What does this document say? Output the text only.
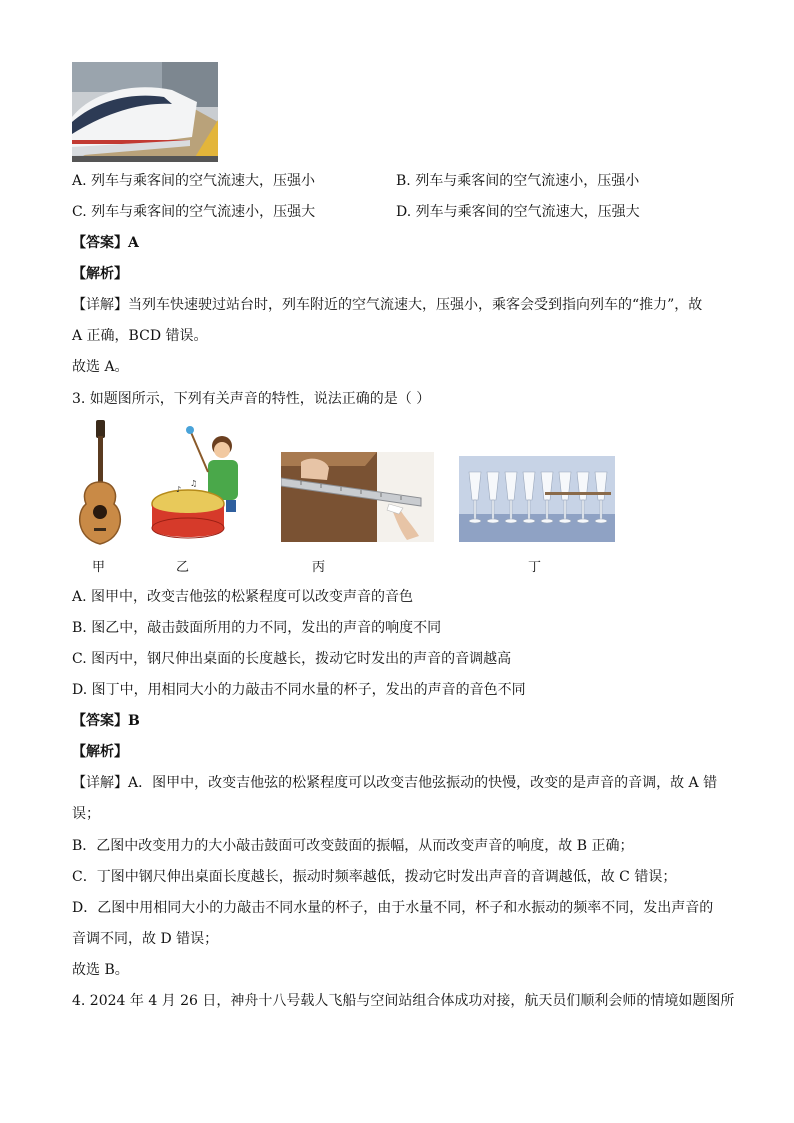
A. 列车与乘客间的空气流速大，压强小	B. 列车与乘客间的空气流速小，压强小
C. 列车与乘客间的空气流速小，压强大	D. 列车与乘客间的空气流速大，压强大
【答案】A
【解析】
【详解】当列车快速驶过站台时，列车附近的空气流速大，压强小，乘客会受到指向列车的“推力”，故
A 正确，BCD 错误。
故选 A。
3. 如题图所示，下列有关声音的特性，说法正确的是（ ）
甲
♪
♫
乙	丙	丁
A. 图甲中，改变吉他弦的松紧程度可以改变声音的音色
B. 图乙中，敲击鼓面所用的力不同，发出的声音的响度不同
C. 图丙中，钢尺伸出桌面的长度越长，拨动它时发出的声音的音调越高
D. 图丁中，用相同大小的力敲击不同水量的杯子，发出的声音的音色不同
【答案】B
【解析】
【详解】A．图甲中，改变吉他弦的松紧程度可以改变吉他弦振动的快慢，改变的是声音的音调，故 A 错
误；
B．乙图中改变用力的大小敲击鼓面可改变鼓面的振幅，从而改变声音的响度，故 B 正确；
C．丁图中钢尺伸出桌面长度越长，振动时频率越低，拨动它时发出声音的音调越低，故 C 错误；
D．乙图中用相同大小的力敲击不同水量的杯子，由于水量不同，杯子和水振动的频率不同，发出声音的
音调不同，故 D 错误；
故选 B。
4. 2024 年 4 月 26 日，神舟十八号载人飞船与空间站组合体成功对接，航天员们顺利会师的情境如题图所
